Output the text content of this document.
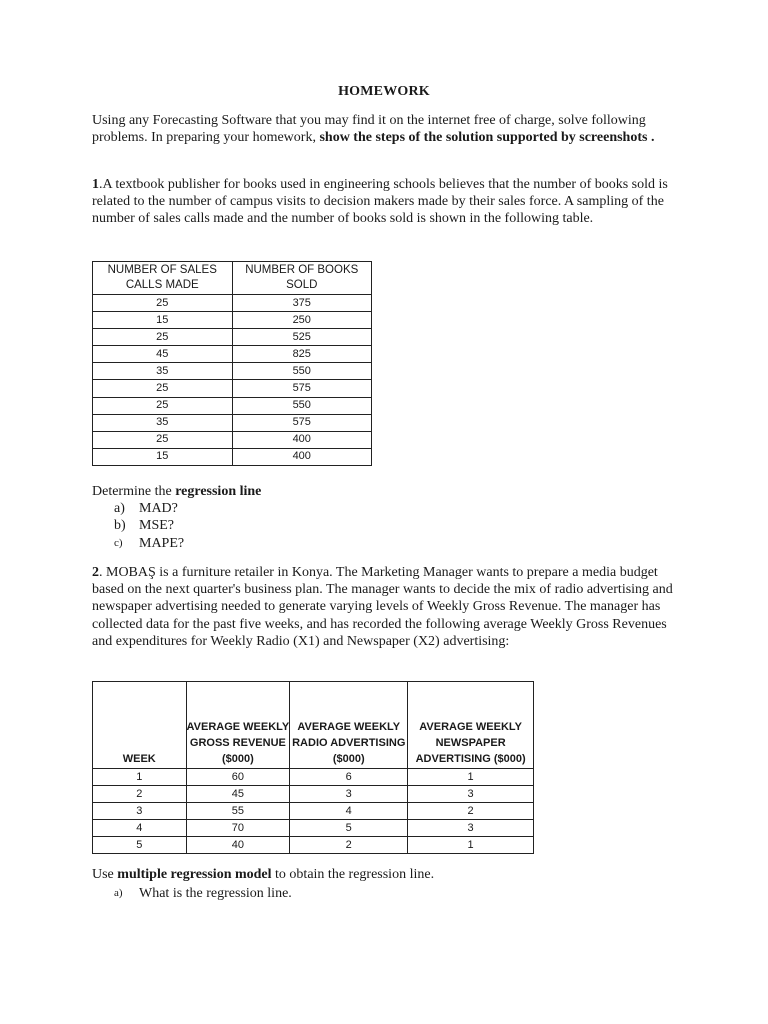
HOMEWORK
Using any Forecasting Software that you may find it on the internet free of charge, solve following problems. In preparing your homework, show the steps of the solution supported by screenshots .
1.A textbook publisher for books used in engineering schools believes that the number of books sold is related to the number of campus visits to decision makers made by their sales force. A sampling of the number of sales calls made and the number of books sold is shown in the following table.
NUMBER OF SALES CALLS MADE	NUMBER OF BOOKS SOLD
25	375
15	250
25	525
45	825
35	550
25	575
25	550
35	575
25	400
15	400
Determine the regression line
a)	MAD?
b) MSE?
c)	MAPE?
2. MOBAŞ is a furniture retailer in Konya. The Marketing Manager wants to prepare a media budget based on the next quarter's business plan. The manager wants to decide the mix of radio advertising and newspaper advertising needed to generate varying levels of Weekly Gross Revenue. The manager has collected data for the past five weeks, and has recorded the following average Weekly Gross Revenues and expenditures for Weekly Radio (X1) and Newspaper (X2) advertising:
WEEK	AVERAGE WEEKLY GROSS REVENUE ($000)	AVERAGE WEEKLY RADIO ADVERTISING ($000)	AVERAGE WEEKLY NEWSPAPER ADVERTISING ($000)
1	60	6	1
2	45	3	3
3	55	4	2
4	70	5	3
5	40	2	1
Use multiple regression model to obtain the regression line.
a)	What is the regression line.
